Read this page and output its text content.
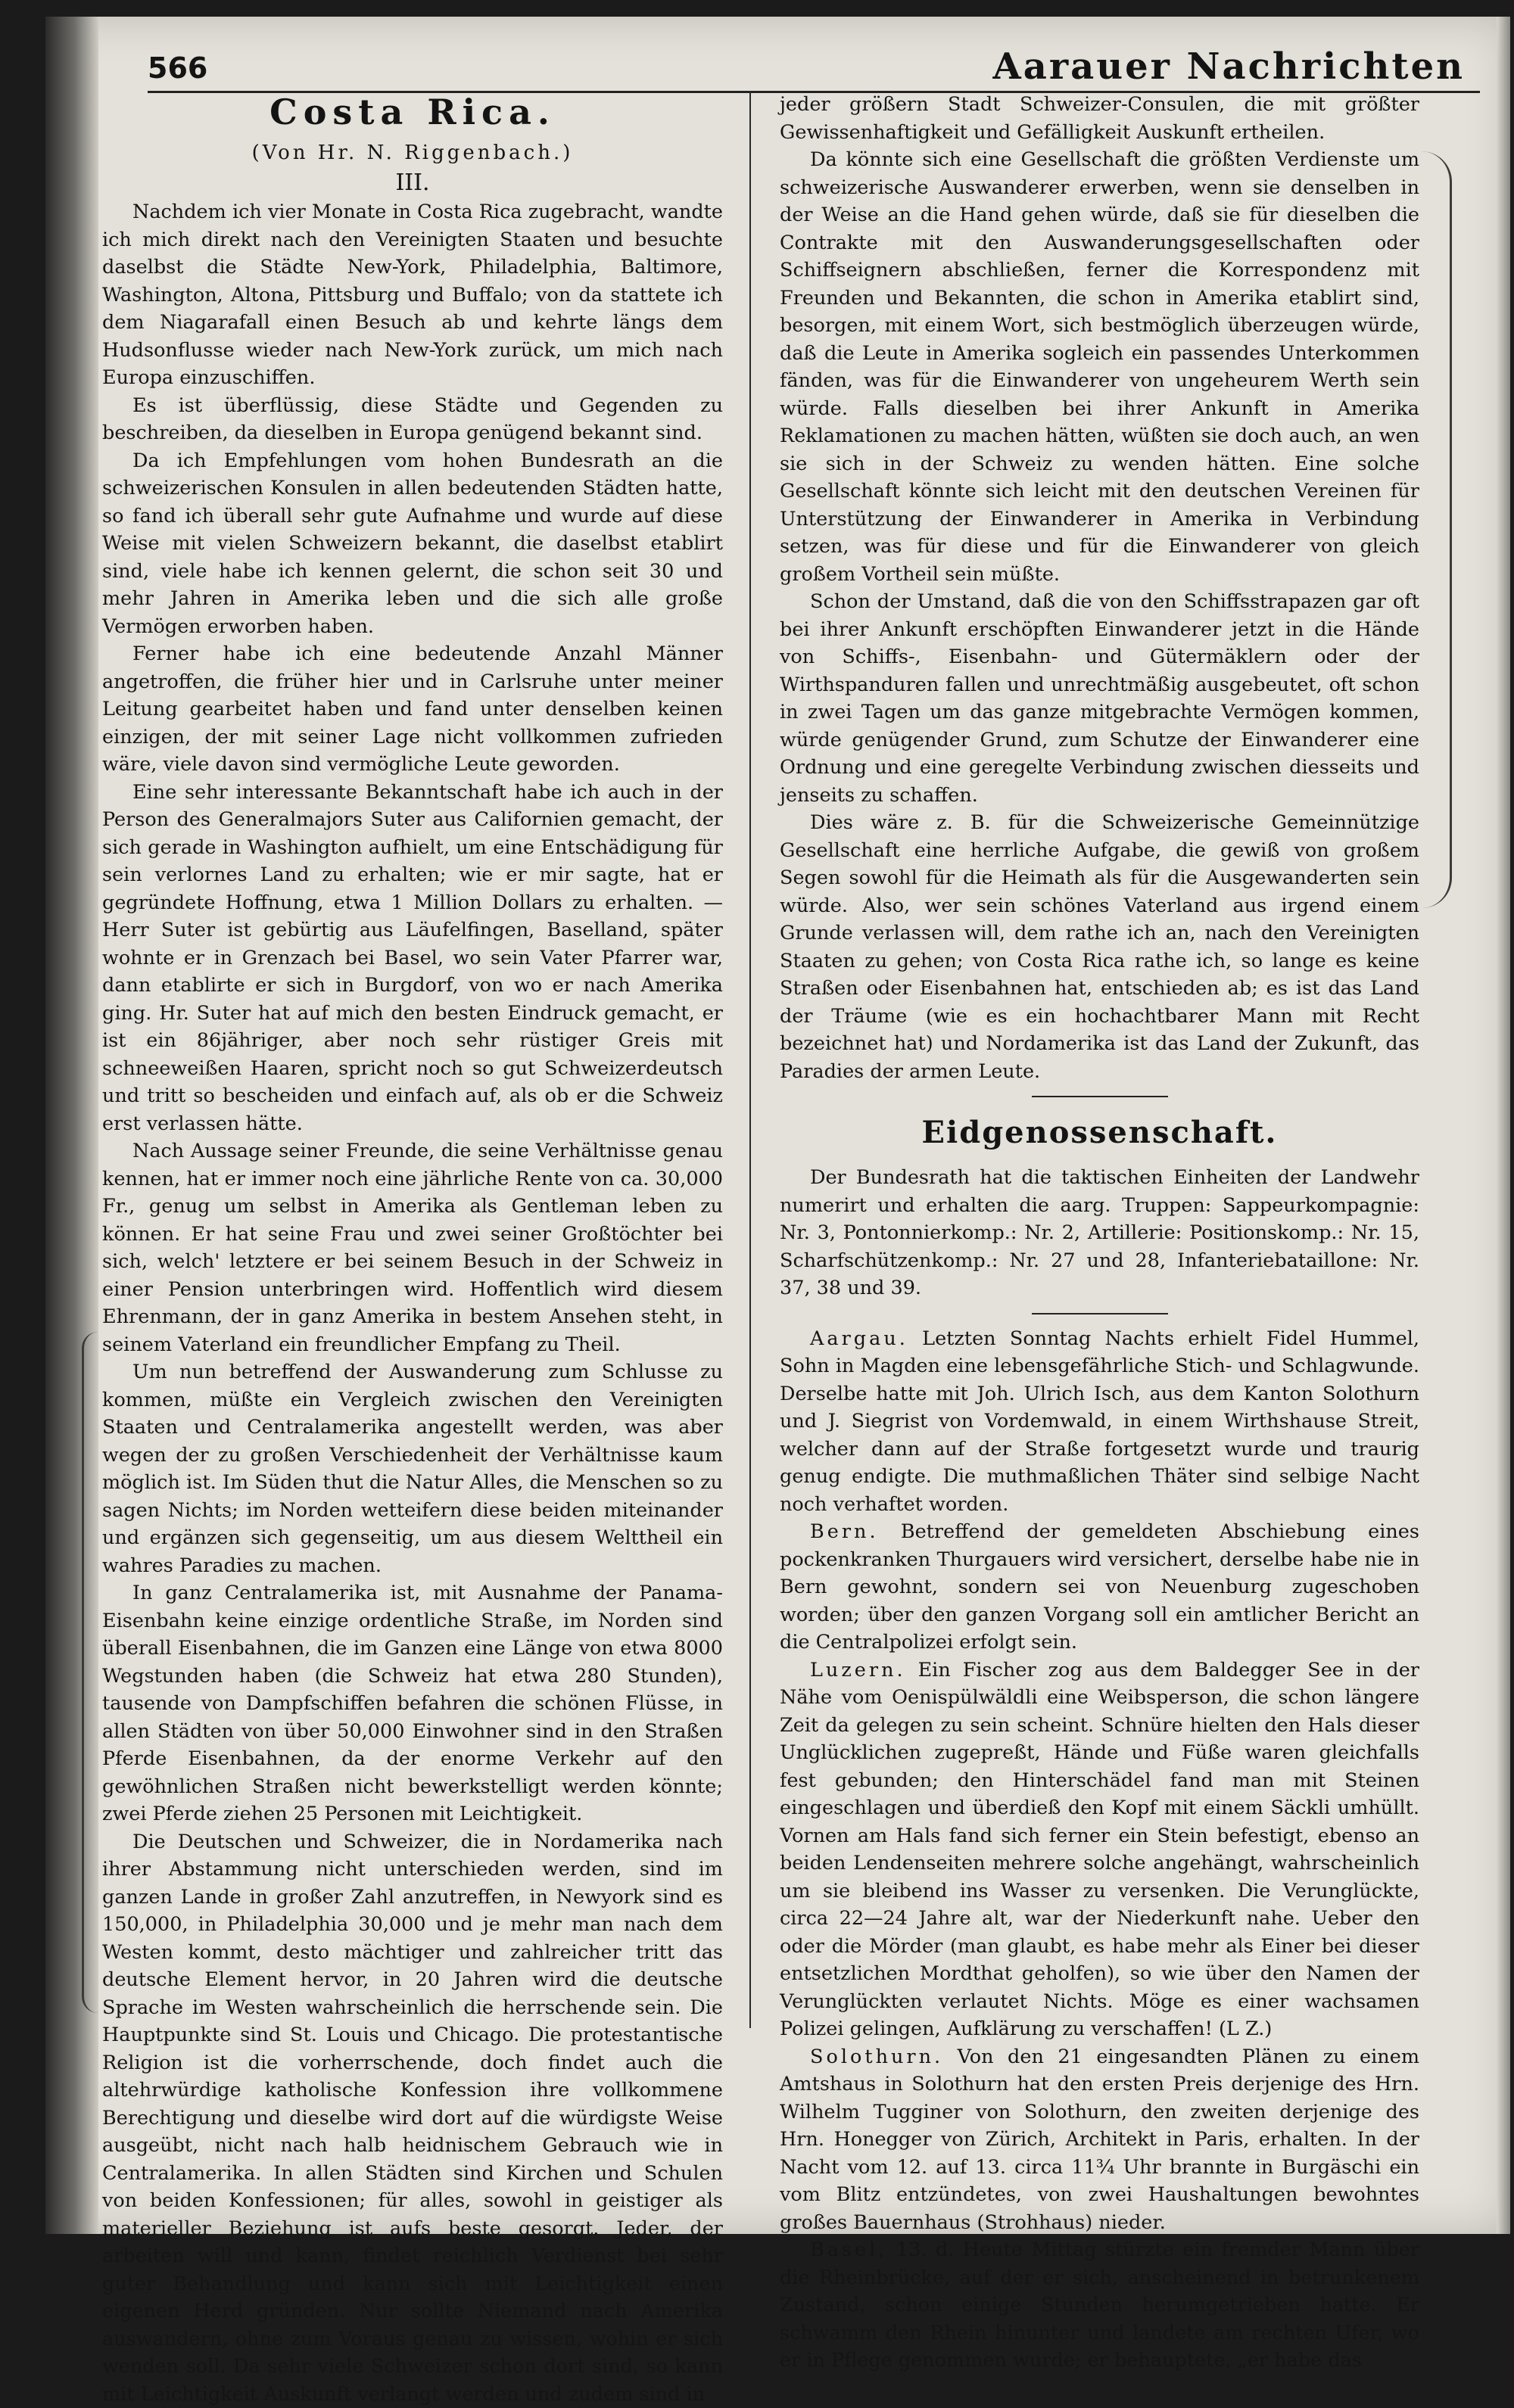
566	Aarauer Nachrichten
Costa Rica.

(Von Hr. N. Riggenbach.)

III.

Nachdem ich vier Monate in Costa Rica zugebracht, wandte ich mich direkt nach den Vereinigten Staaten und besuchte daselbst die Städte New-York, Philadelphia, Baltimore, Washington, Altona, Pittsburg und Buffalo; von da stattete ich dem Niagarafall einen Besuch ab und kehrte längs dem Hudsonflusse wieder nach New-York zurück, um mich nach Europa einzuschiffen.

Es ist überflüssig, diese Städte und Gegenden zu beschreiben, da dieselben in Europa genügend bekannt sind.

Da ich Empfehlungen vom hohen Bundesrath an die schweizerischen Konsulen in allen bedeutenden Städten hatte, so fand ich überall sehr gute Aufnahme und wurde auf diese Weise mit vielen Schweizern bekannt, die daselbst etablirt sind, viele habe ich kennen gelernt, die schon seit 30 und mehr Jahren in Amerika leben und die sich alle große Vermögen erworben haben.

Ferner habe ich eine bedeutende Anzahl Männer angetroffen, die früher hier und in Carlsruhe unter meiner Leitung gearbeitet haben und fand unter denselben keinen einzigen, der mit seiner Lage nicht vollkommen zufrieden wäre, viele davon sind vermögliche Leute geworden.

Eine sehr interessante Bekanntschaft habe ich auch in der Person des Generalmajors Suter aus Californien gemacht, der sich gerade in Washington aufhielt, um eine Entschädigung für sein verlornes Land zu erhalten; wie er mir sagte, hat er gegründete Hoffnung, etwa 1 Million Dollars zu erhalten. — Herr Suter ist gebürtig aus Läufelfingen, Baselland, später wohnte er in Grenzach bei Basel, wo sein Vater Pfarrer war, dann etablirte er sich in Burgdorf, von wo er nach Amerika ging. Hr. Suter hat auf mich den besten Eindruck gemacht, er ist ein 86jähriger, aber noch sehr rüstiger Greis mit schneeweißen Haaren, spricht noch so gut Schweizerdeutsch und tritt so bescheiden und einfach auf, als ob er die Schweiz erst verlassen hätte.

Nach Aussage seiner Freunde, die seine Verhältnisse genau kennen, hat er immer noch eine jährliche Rente von ca. 30,000 Fr., genug um selbst in Amerika als Gentleman leben zu können. Er hat seine Frau und zwei seiner Großtöchter bei sich, welch' letztere er bei seinem Besuch in der Schweiz in einer Pension unterbringen wird. Hoffentlich wird diesem Ehrenmann, der in ganz Amerika in bestem Ansehen steht, in seinem Vaterland ein freundlicher Empfang zu Theil.

Um nun betreffend der Auswanderung zum Schlusse zu kommen, müßte ein Vergleich zwischen den Vereinigten Staaten und Centralamerika angestellt werden, was aber wegen der zu großen Verschiedenheit der Verhältnisse kaum möglich ist. Im Süden thut die Natur Alles, die Menschen so zu sagen Nichts; im Norden wetteifern diese beiden miteinander und ergänzen sich gegenseitig, um aus diesem Welttheil ein wahres Paradies zu machen.

In ganz Centralamerika ist, mit Ausnahme der Panama-Eisenbahn keine einzige ordentliche Straße, im Norden sind überall Eisenbahnen, die im Ganzen eine Länge von etwa 8000 Wegstunden haben (die Schweiz hat etwa 280 Stunden), tausende von Dampfschiffen befahren die schönen Flüsse, in allen Städten von über 50,000 Einwohner sind in den Straßen Pferde Eisenbahnen, da der enorme Verkehr auf den gewöhnlichen Straßen nicht bewerkstelligt werden könnte; zwei Pferde ziehen 25 Personen mit Leichtigkeit.

Die Deutschen und Schweizer, die in Nordamerika nach ihrer Abstammung nicht unterschieden werden, sind im ganzen Lande in großer Zahl anzutreffen, in Newyork sind es 150,000, in Philadelphia 30,000 und je mehr man nach dem Westen kommt, desto mächtiger und zahlreicher tritt das deutsche Element hervor, in 20 Jahren wird die deutsche Sprache im Westen wahrscheinlich die herrschende sein. Die Hauptpunkte sind St. Louis und Chicago. Die protestantische Religion ist die vorherrschende, doch findet auch die altehrwürdige katholische Konfession ihre vollkommene Berechtigung und dieselbe wird dort auf die würdigste Weise ausgeübt, nicht nach halb heidnischem Gebrauch wie in Centralamerika. In allen Städten sind Kirchen und Schulen von beiden Konfessionen; für alles, sowohl in geistiger als materieller Beziehung ist aufs beste gesorgt. Jeder, der arbeiten will und kann, findet reichlich Verdienst bei sehr guter Behandlung und kann sich mit Leichtigkeit einen eigenen Herd gründen. Nur sollte Niemand nach Amerika auswandern, ohne zum Voraus genau zu wissen, wohin er sich wenden soll. Da sehr viele Schweizer schon dort sind, so kann mit Leichtigkeit Auskunft verlangt werden und zudem sind in

jeder größern Stadt Schweizer-Consulen, die mit größter Gewissenhaftigkeit und Gefälligkeit Auskunft ertheilen.

Da könnte sich eine Gesellschaft die größten Verdienste um schweizerische Auswanderer erwerben, wenn sie denselben in der Weise an die Hand gehen würde, daß sie für dieselben die Contrakte mit den Auswanderungsgesellschaften oder Schiffseignern abschließen, ferner die Korrespondenz mit Freunden und Bekannten, die schon in Amerika etablirt sind, besorgen, mit einem Wort, sich bestmöglich überzeugen würde, daß die Leute in Amerika sogleich ein passendes Unterkommen fänden, was für die Einwanderer von ungeheurem Werth sein würde. Falls dieselben bei ihrer Ankunft in Amerika Reklamationen zu machen hätten, wüßten sie doch auch, an wen sie sich in der Schweiz zu wenden hätten. Eine solche Gesellschaft könnte sich leicht mit den deutschen Vereinen für Unterstützung der Einwanderer in Amerika in Verbindung setzen, was für diese und für die Einwanderer von gleich großem Vortheil sein müßte.

Schon der Umstand, daß die von den Schiffsstrapazen gar oft bei ihrer Ankunft erschöpften Einwanderer jetzt in die Hände von Schiffs-, Eisenbahn- und Gütermäklern oder der Wirthspanduren fallen und unrechtmäßig ausgebeutet, oft schon in zwei Tagen um das ganze mitgebrachte Vermögen kommen, würde genügender Grund, zum Schutze der Einwanderer eine Ordnung und eine geregelte Verbindung zwischen diesseits und jenseits zu schaffen.

Dies wäre z. B. für die Schweizerische Gemeinnützige Gesellschaft eine herrliche Aufgabe, die gewiß von großem Segen sowohl für die Heimath als für die Ausgewanderten sein würde. Also, wer sein schönes Vaterland aus irgend einem Grunde verlassen will, dem rathe ich an, nach den Vereinigten Staaten zu gehen; von Costa Rica rathe ich, so lange es keine Straßen oder Eisenbahnen hat, entschieden ab; es ist das Land der Träume (wie es ein hochachtbarer Mann mit Recht bezeichnet hat) und Nordamerika ist das Land der Zukunft, das Paradies der armen Leute.

Eidgenossenschaft.

Der Bundesrath hat die taktischen Einheiten der Landwehr numerirt und erhalten die aarg. Truppen: Sappeurkompagnie: Nr. 3, Pontonnierkomp.: Nr. 2, Artillerie: Positionskomp.: Nr. 15, Scharfschützenkomp.: Nr. 27 und 28, Infanteriebataillone: Nr. 37, 38 und 39.

Aargau. Letzten Sonntag Nachts erhielt Fidel Hummel, Sohn in Magden eine lebensgefährliche Stich- und Schlagwunde. Derselbe hatte mit Joh. Ulrich Isch, aus dem Kanton Solothurn und J. Siegrist von Vordemwald, in einem Wirthshause Streit, welcher dann auf der Straße fortgesetzt wurde und traurig genug endigte. Die muthmaßlichen Thäter sind selbige Nacht noch verhaftet worden.

Bern. Betreffend der gemeldeten Abschiebung eines pockenkranken Thurgauers wird versichert, derselbe habe nie in Bern gewohnt, sondern sei von Neuenburg zugeschoben worden; über den ganzen Vorgang soll ein amtlicher Bericht an die Centralpolizei erfolgt sein.

Luzern. Ein Fischer zog aus dem Baldegger See in der Nähe vom Oenispülwäldli eine Weibsperson, die schon längere Zeit da gelegen zu sein scheint. Schnüre hielten den Hals dieser Unglücklichen zugepreßt, Hände und Füße waren gleichfalls fest gebunden; den Hinterschädel fand man mit Steinen eingeschlagen und überdieß den Kopf mit einem Säckli umhüllt. Vornen am Hals fand sich ferner ein Stein befestigt, ebenso an beiden Lendenseiten mehrere solche angehängt, wahrscheinlich um sie bleibend ins Wasser zu versenken. Die Verunglückte, circa 22—24 Jahre alt, war der Niederkunft nahe. Ueber den oder die Mörder (man glaubt, es habe mehr als Einer bei dieser entsetzlichen Mordthat geholfen), so wie über den Namen der Verunglückten verlautet Nichts. Möge es einer wachsamen Polizei gelingen, Aufklärung zu verschaffen! (L Z.)

Solothurn. Von den 21 eingesandten Plänen zu einem Amtshaus in Solothurn hat den ersten Preis derjenige des Hrn. Wilhelm Tugginer von Solothurn, den zweiten derjenige des Hrn. Honegger von Zürich, Architekt in Paris, erhalten. In der Nacht vom 12. auf 13. circa 11¾ Uhr brannte in Burgäschi ein vom Blitz entzündetes, von zwei Haushaltungen bewohntes großes Bauernhaus (Strohhaus) nieder.

Basel, 13. d. Heute Mittag stürzte ein fremder Mann über die Rheinbrücke, auf der er sich, anscheinend in betrunkenem Zustand, schon einige Stunden herumgetrieben hatte. Er schwamm den Rhein hinunter und landete am rechten Ufer, wo er in Pflege genommen wurde; er behauptete, „er habe das
